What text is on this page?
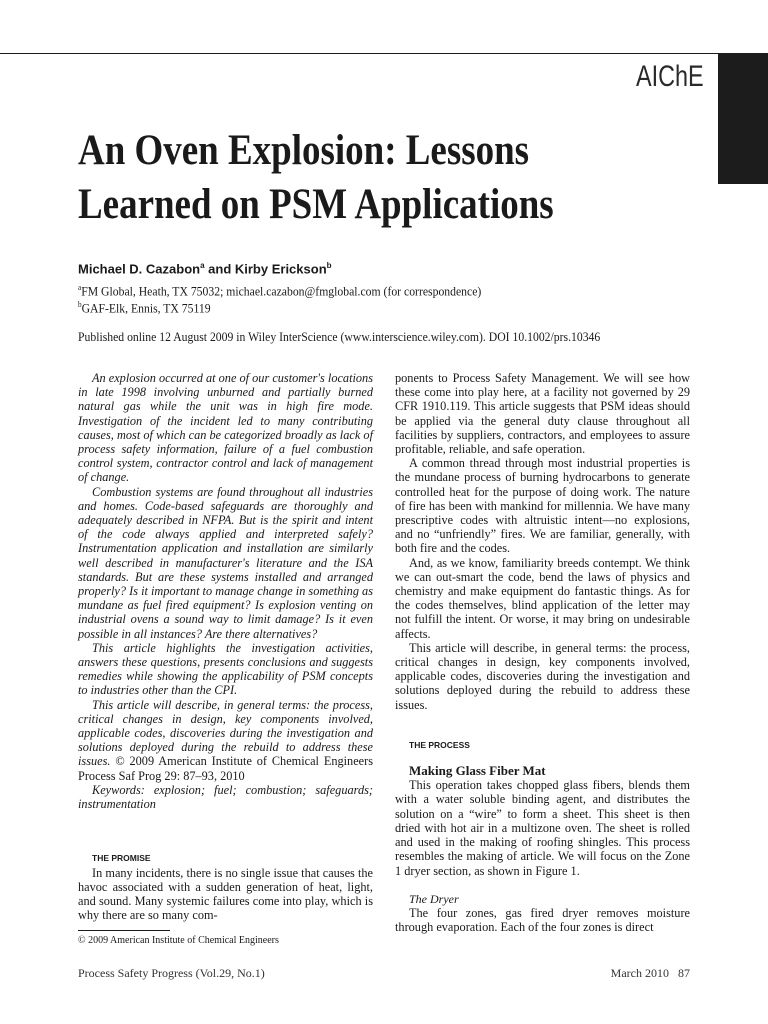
AIChE
An Oven Explosion: Lessons
Learned on PSM Applications
Michael D. Cazabon$^a$ and Kirby Erickson$^b$
$^a$FM Global, Heath, TX 75032; michael.cazabon@fmglobal.com (for correspondence)
$^b$GAF-Elk, Ennis, TX 75119
Published online 12 August 2009 in Wiley InterScience (www.interscience.wiley.com). DOI 10.1002/prs.10346

An explosion occurred at one of our customer's locations in late 1998 involving unburned and partially burned natural gas while the unit was in high fire mode. Investigation of the incident led to many contributing causes, most of which can be categorized broadly as lack of process safety information, failure of a fuel combustion control system, contractor control and lack of management of change.

Combustion systems are found throughout all industries and homes. Code-based safeguards are thoroughly and adequately described in NFPA. But is the spirit and intent of the code always applied and interpreted safely? Instrumentation application and installation are similarly well described in manufacturer's literature and the ISA standards. But are these systems installed and arranged properly? Is it important to manage change in something as mundane as fuel fired equipment? Is explosion venting on industrial ovens a sound way to limit damage? Is it even possible in all instances? Are there alternatives?

This article highlights the investigation activities, answers these questions, presents conclusions and suggests remedies while showing the applicability of PSM concepts to industries other than the CPI.

This article will describe, in general terms: the process, critical changes in design, key components involved, applicable codes, discoveries during the investigation and solutions deployed during the rebuild to address these issues. © 2009 American Institute of Chemical Engineers Process Saf Prog 29: 87–93, 2010

Keywords: explosion; fuel; combustion; safeguards; instrumentation

THE PROMISE

In many incidents, there is no single issue that causes the havoc associated with a sudden generation of heat, light, and sound. Many systemic failures come into play, which is why there are so many com-

ponents to Process Safety Management. We will see how these come into play here, at a facility not governed by 29 CFR 1910.119. This article suggests that PSM ideas should be applied via the general duty clause throughout all facilities by suppliers, contractors, and employees to assure profitable, reliable, and safe operation.

A common thread through most industrial properties is the mundane process of burning hydrocarbons to generate controlled heat for the purpose of doing work. The nature of fire has been with mankind for millennia. We have many prescriptive codes with altruistic intent—no explosions, and no “unfriendly” fires. We are familiar, generally, with both fire and the codes.

And, as we know, familiarity breeds contempt. We think we can out-smart the code, bend the laws of physics and chemistry and make equipment do fantastic things. As for the codes themselves, blind application of the letter may not fulfill the intent. Or worse, it may bring on undesirable affects.

This article will describe, in general terms: the process, critical changes in design, key components involved, applicable codes, discoveries during the investigation and solutions deployed during the rebuild to address these issues.

THE PROCESS

Making Glass Fiber Mat

This operation takes chopped glass fibers, blends them with a water soluble binding agent, and distributes the solution on a “wire” to form a sheet. This sheet is then dried with hot air in a multizone oven. The sheet is rolled and used in the making of roofing shingles. This process resembles the making of article. We will focus on the Zone 1 dryer section, as shown in Figure 1.

The Dryer

The four zones, gas fired dryer removes moisture through evaporation. Each of the four zones is direct

© 2009 American Institute of Chemical Engineers
Process Safety Progress (Vol.29, No.1)	March 2010   87
